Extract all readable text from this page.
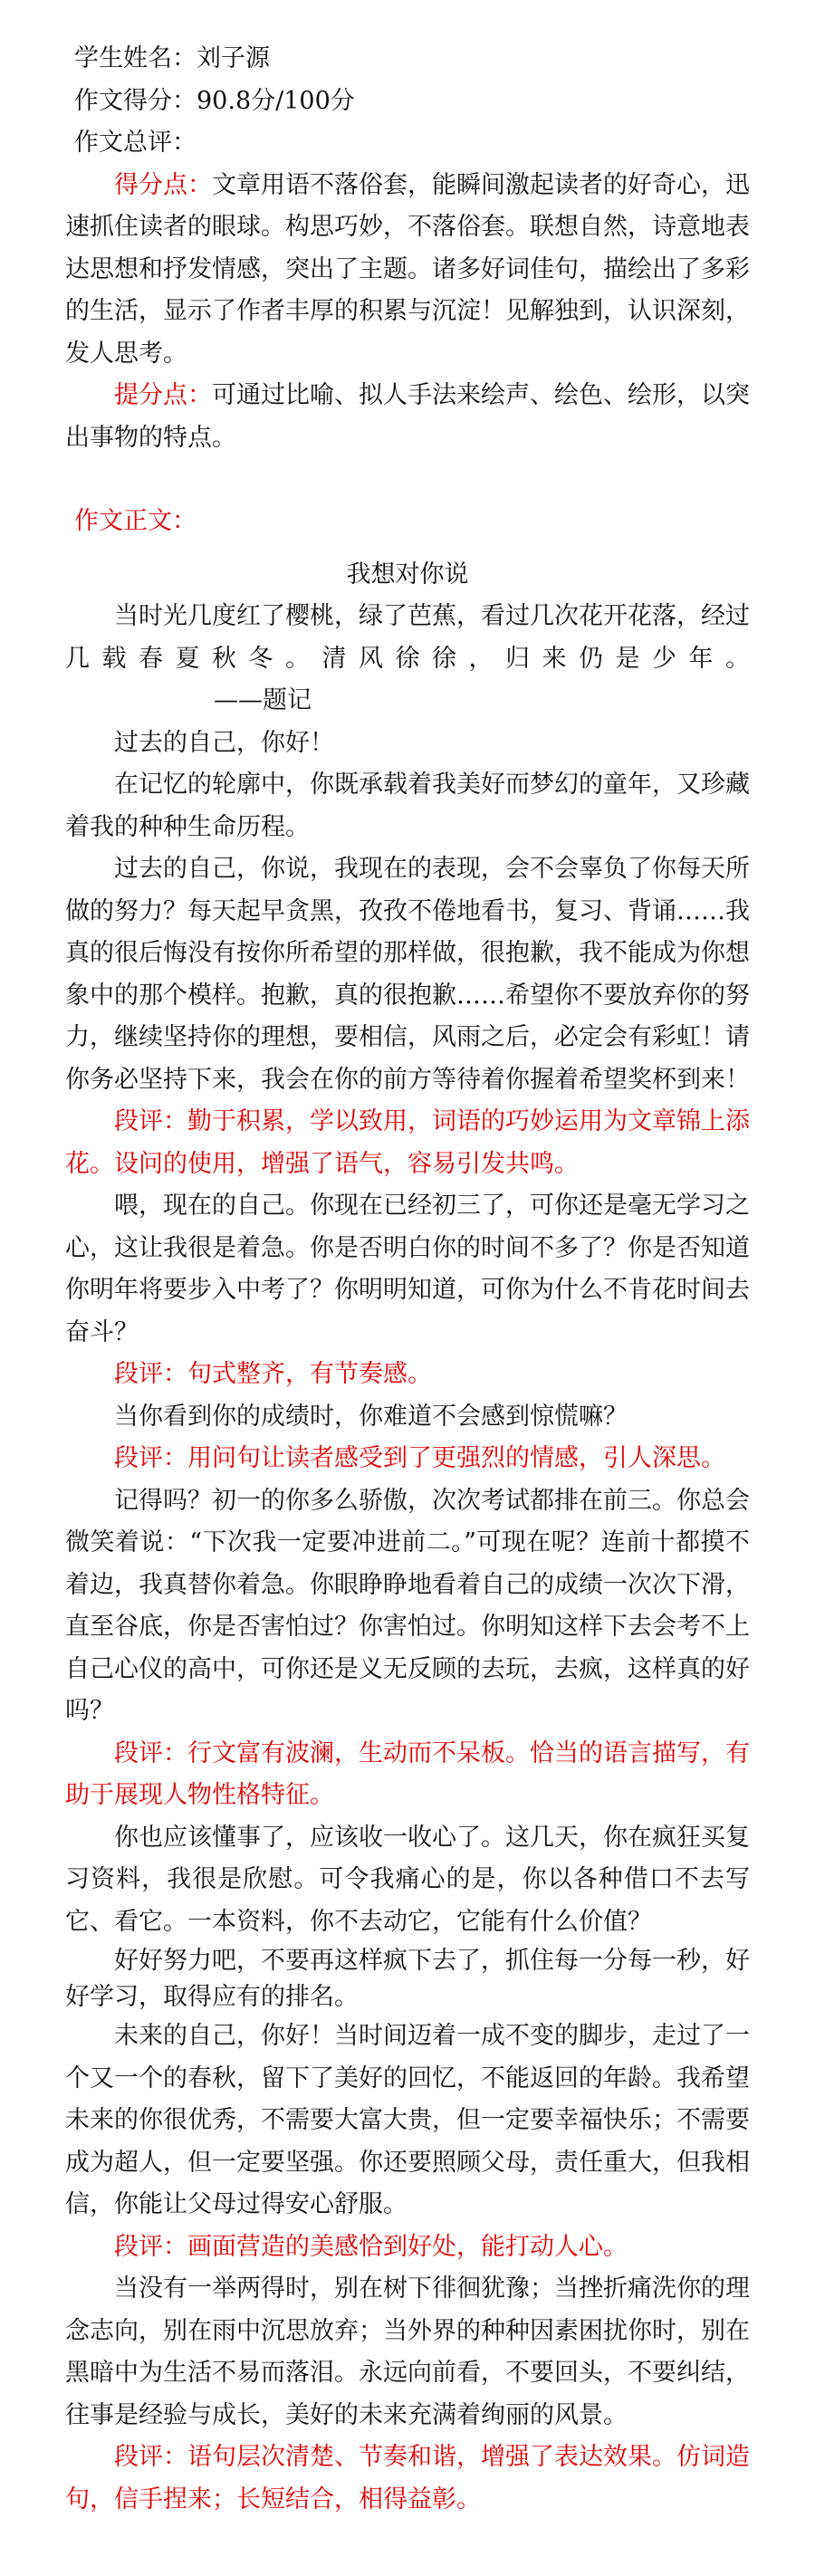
学生姓名：刘子源

作文得分：90.8分/100分

作文总评：

得分点：文章用语不落俗套，能瞬间激起读者的好奇心，迅速抓住读者的眼球。构思巧妙，不落俗套。联想自然，诗意地表达思想和抒发情感，突出了主题。诸多好词佳句，描绘出了多彩的生活，显示了作者丰厚的积累与沉淀！见解独到，认识深刻，发人思考。

提分点：可通过比喻、拟人手法来绘声、绘色、绘形，以突出事物的特点。

作文正文：

我想对你说

当时光几度红了樱桃，绿了芭蕉，看过几次花开花落，经过几载春夏秋冬。清风徐徐，归来仍是少年。——题记

过去的自己，你好！

在记忆的轮廓中，你既承载着我美好而梦幻的童年，又珍藏着我的种种生命历程。

过去的自己，你说，我现在的表现，会不会辜负了你每天所做的努力？每天起早贪黑，孜孜不倦地看书，复习、背诵……我真的很后悔没有按你所希望的那样做，很抱歉，我不能成为你想象中的那个模样。抱歉，真的很抱歉……希望你不要放弃你的努力，继续坚持你的理想，要相信，风雨之后，必定会有彩虹！请你务必坚持下来，我会在你的前方等待着你握着希望奖杯到来！

段评：勤于积累，学以致用，词语的巧妙运用为文章锦上添花。设问的使用，增强了语气，容易引发共鸣。

喂，现在的自己。你现在已经初三了，可你还是毫无学习之心，这让我很是着急。你是否明白你的时间不多了？你是否知道你明年将要步入中考了？你明明知道，可你为什么不肯花时间去奋斗？

段评：句式整齐，有节奏感。

当你看到你的成绩时，你难道不会感到惊慌嘛？

段评：用问句让读者感受到了更强烈的情感，引人深思。

记得吗？初一的你多么骄傲，次次考试都排在前三。你总会微笑着说：“下次我一定要冲进前二。”可现在呢？连前十都摸不着边，我真替你着急。你眼睁睁地看着自己的成绩一次次下滑，直至谷底，你是否害怕过？你害怕过。你明知这样下去会考不上自己心仪的高中，可你还是义无反顾的去玩，去疯，这样真的好吗？

段评：行文富有波澜，生动而不呆板。恰当的语言描写，有助于展现人物性格特征。

你也应该懂事了，应该收一收心了。这几天，你在疯狂买复习资料，我很是欣慰。可令我痛心的是，你以各种借口不去写它、看它。一本资料，你不去动它，它能有什么价值？

好好努力吧，不要再这样疯下去了，抓住每一分每一秒，好好学习，取得应有的排名。

未来的自己，你好！当时间迈着一成不变的脚步，走过了一个又一个的春秋，留下了美好的回忆，不能返回的年龄。我希望未来的你很优秀，不需要大富大贵，但一定要幸福快乐；不需要成为超人，但一定要坚强。你还要照顾父母，责任重大，但我相信，你能让父母过得安心舒服。

段评：画面营造的美感恰到好处，能打动人心。

当没有一举两得时，别在树下徘徊犹豫；当挫折痛洗你的理念志向，别在雨中沉思放弃；当外界的种种因素困扰你时，别在黑暗中为生活不易而落泪。永远向前看，不要回头，不要纠结，往事是经验与成长，美好的未来充满着绚丽的风景。

段评：语句层次清楚、节奏和谐，增强了表达效果。仿词造句，信手捏来；长短结合，相得益彰。
